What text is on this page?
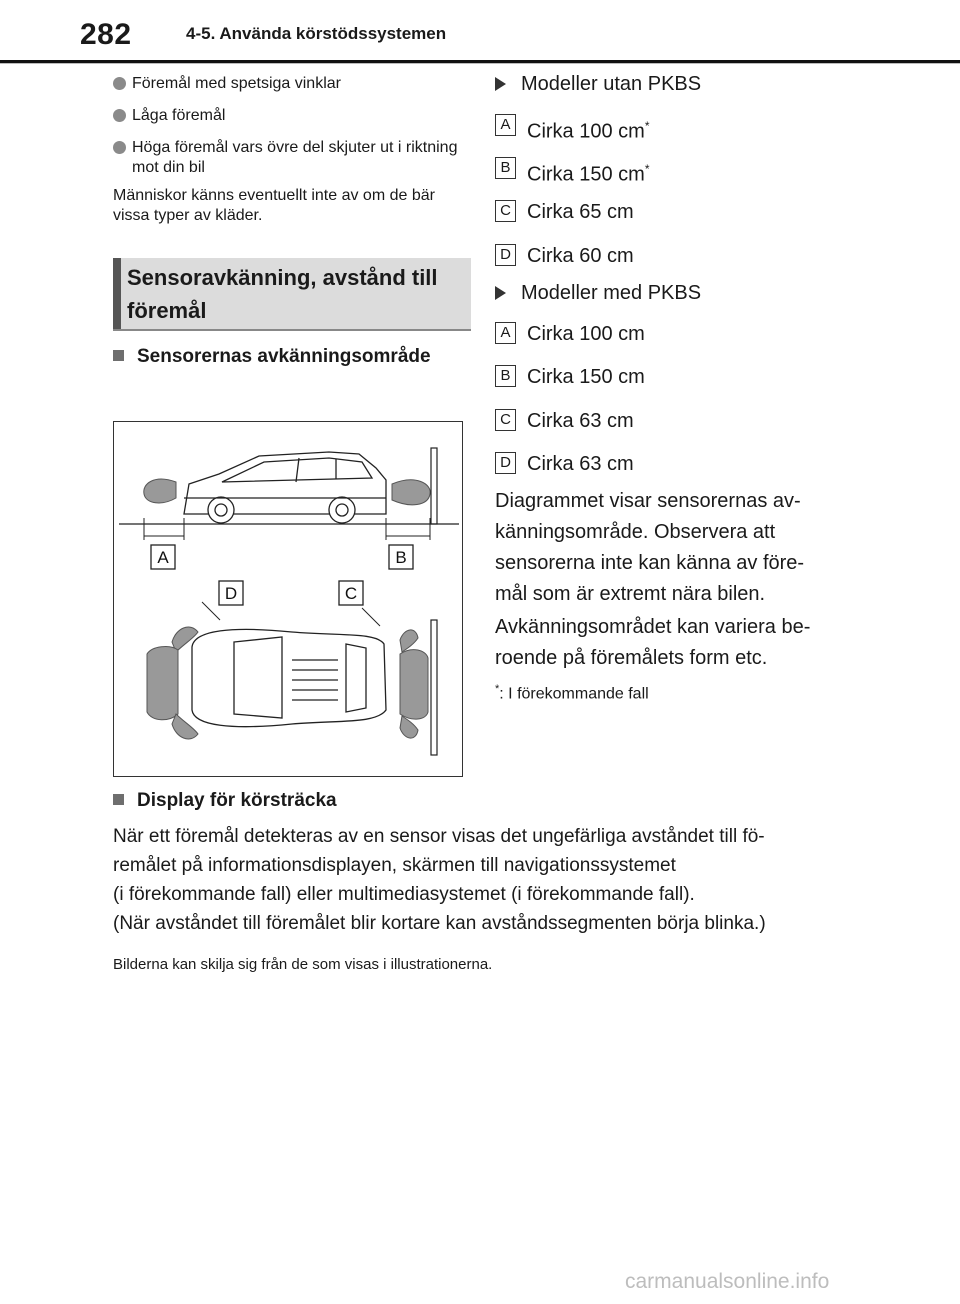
282	4-5. Använda körstödssystemen
Föremål med spetsiga vinklar
Låga föremål
Höga föremål vars övre del skjuter ut i riktning mot din bil
Människor känns eventuellt inte av om de bär vissa typer av kläder.
Sensoravkänning, avstånd till föremål
Sensorernas avkänningsområde
A	B
D	C
Display för körsträcka
Modeller utan PKBS
A Cirka 100 cm*
B Cirka 150 cm*
C Cirka 65 cm
D Cirka 60 cm
Modeller med PKBS
A Cirka 100 cm
B Cirka 150 cm
C Cirka 63 cm
D Cirka 63 cm
Diagrammet visar sensorernas av-
känningsområde. Observera att
sensorerna inte kan känna av före-
mål som är extremt nära bilen.
Avkänningsområdet kan variera be-
roende på föremålets form etc.
*: I förekommande fall

När ett föremål detekteras av en sensor visas det ungefärliga avståndet till fö-

remålet på informationsdisplayen, skärmen till navigationssystemet

(i förekommande fall) eller multimediasystemet (i förekommande fall).

(När avståndet till föremålet blir kortare kan avståndssegmenten börja blinka.)

Bilderna kan skilja sig från de som visas i illustrationerna.
carmanualsonline.info
